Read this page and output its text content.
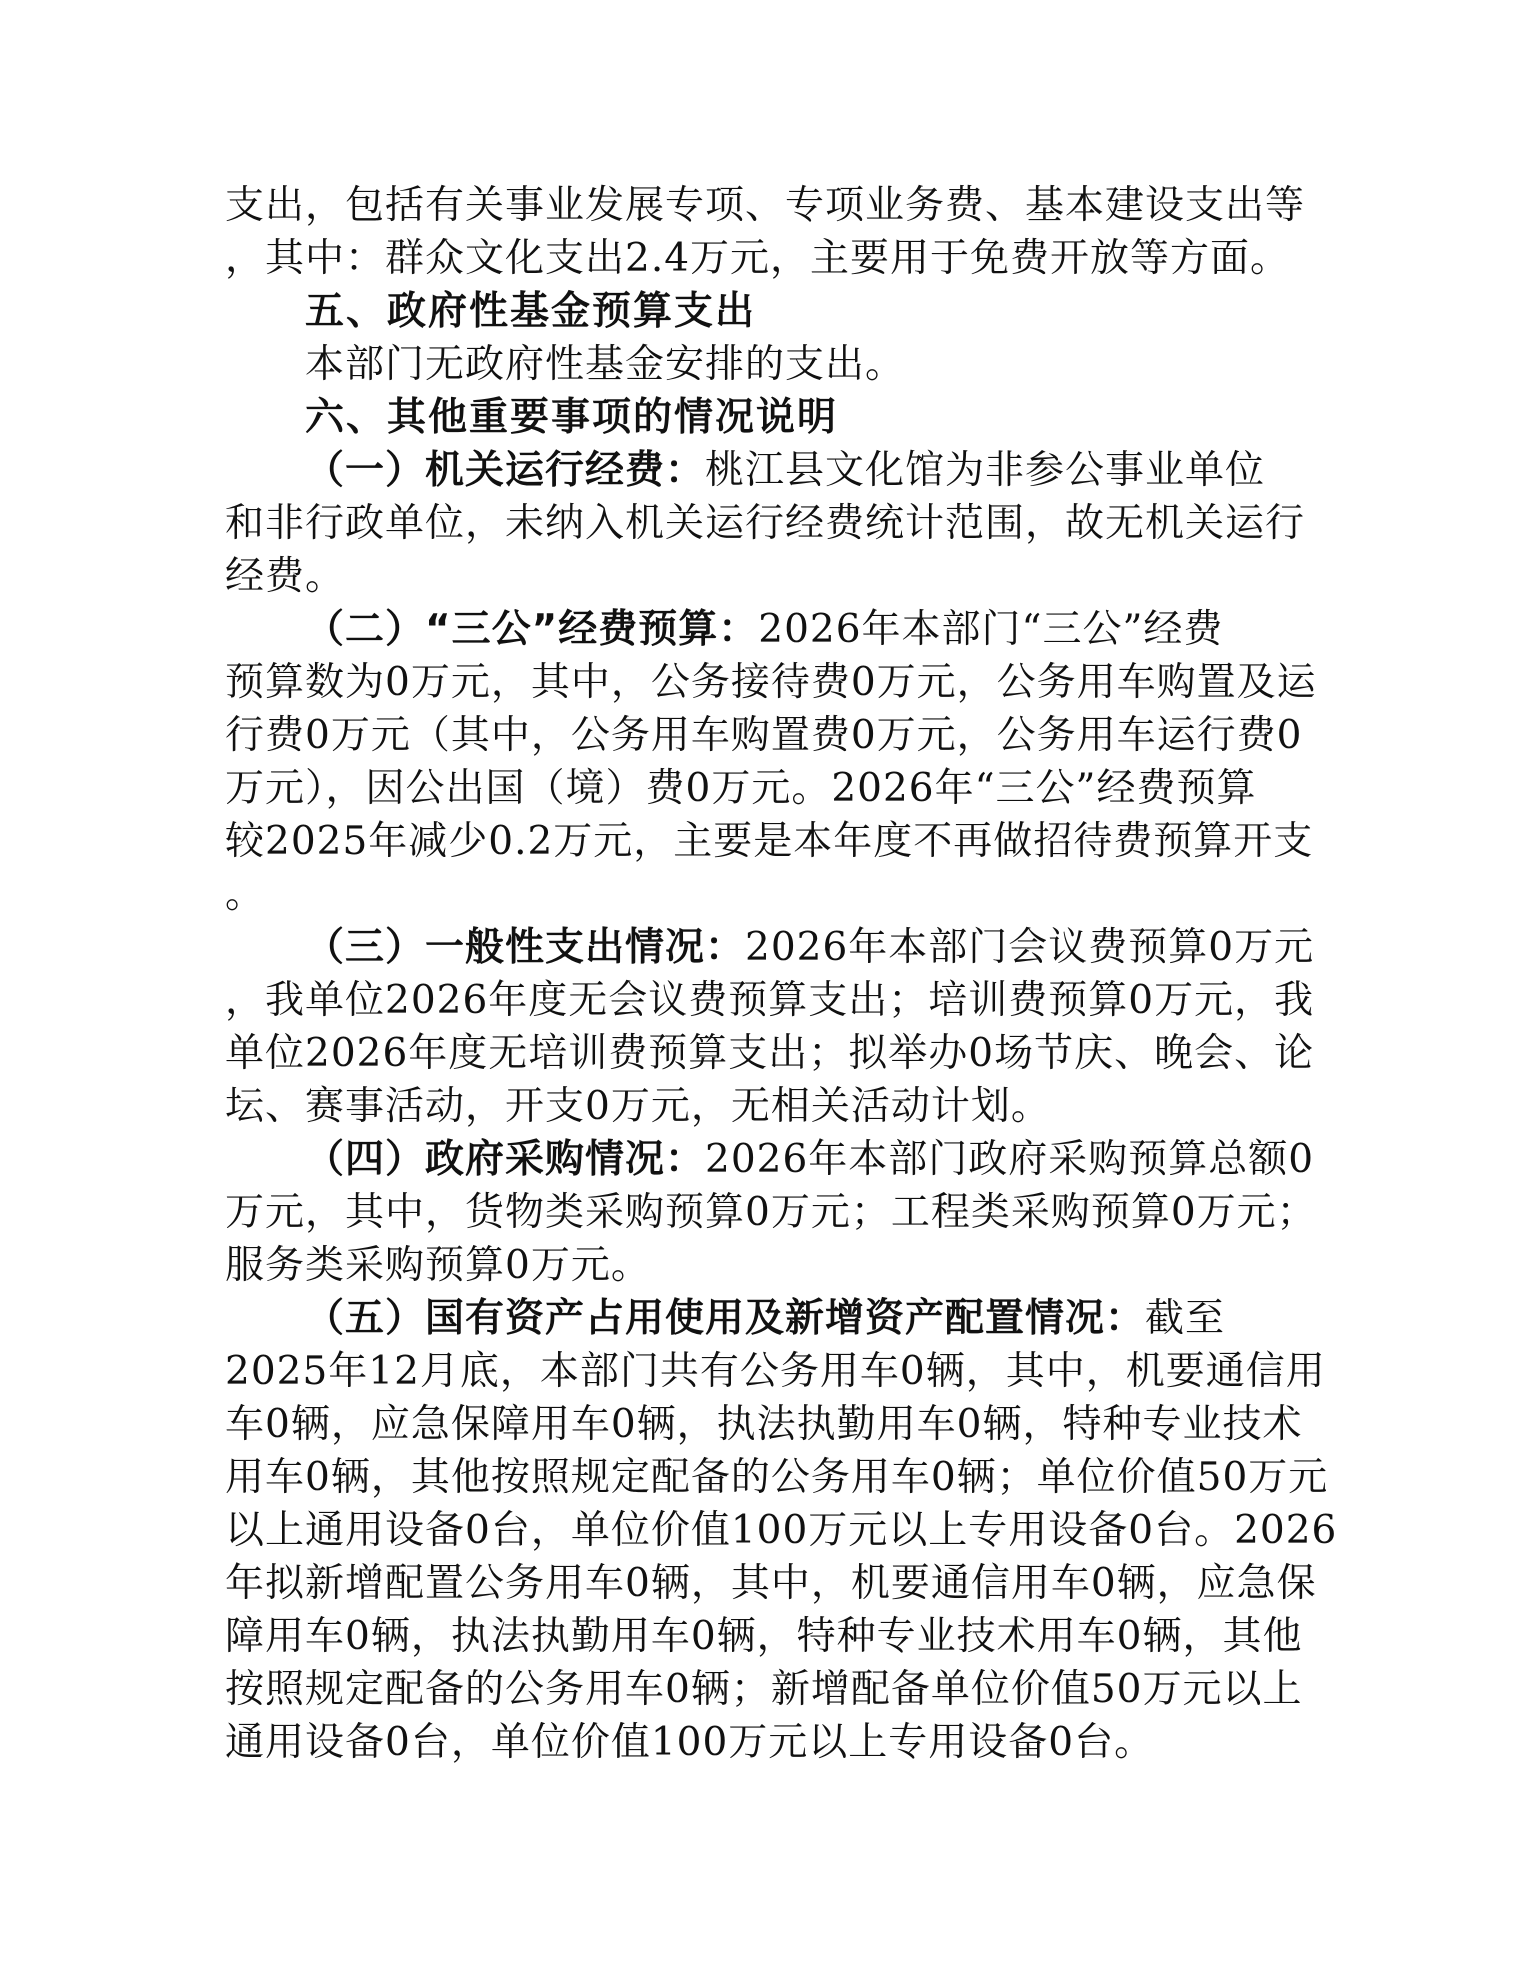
支出，包括有关事业发展专项、专项业务费、基本建设支出等
，其中：群众文化支出2.4万元，主要用于免费开放等方面。
五、政府性基金预算支出
本部门无政府性基金安排的支出。
六、其他重要事项的情况说明
（一）机关运行经费：桃江县文化馆为非参公事业单位
和非行政单位，未纳入机关运行经费统计范围，故无机关运行
经费。
（二）“三公”经费预算：2026年本部门“三公”经费
预算数为0万元，其中，公务接待费0万元，公务用车购置及运
行费0万元（其中，公务用车购置费0万元，公务用车运行费0
万元），因公出国（境）费0万元。2026年“三公”经费预算
较2025年减少0.2万元，主要是本年度不再做招待费预算开支
。
（三）一般性支出情况：2026年本部门会议费预算0万元
，我单位2026年度无会议费预算支出；培训费预算0万元，我
单位2026年度无培训费预算支出；拟举办0场节庆、晚会、论
坛、赛事活动，开支0万元，无相关活动计划。
（四）政府采购情况：2026年本部门政府采购预算总额0
万元，其中，货物类采购预算0万元；工程类采购预算0万元；
服务类采购预算0万元。
（五）国有资产占用使用及新增资产配置情况：截至
2025年12月底，本部门共有公务用车0辆，其中，机要通信用
车0辆，应急保障用车0辆，执法执勤用车0辆，特种专业技术
用车0辆，其他按照规定配备的公务用车0辆；单位价值50万元
以上通用设备0台，单位价值100万元以上专用设备0台。2026
年拟新增配置公务用车0辆，其中，机要通信用车0辆，应急保
障用车0辆，执法执勤用车0辆，特种专业技术用车0辆，其他
按照规定配备的公务用车0辆；新增配备单位价值50万元以上
通用设备0台，单位价值100万元以上专用设备0台。
